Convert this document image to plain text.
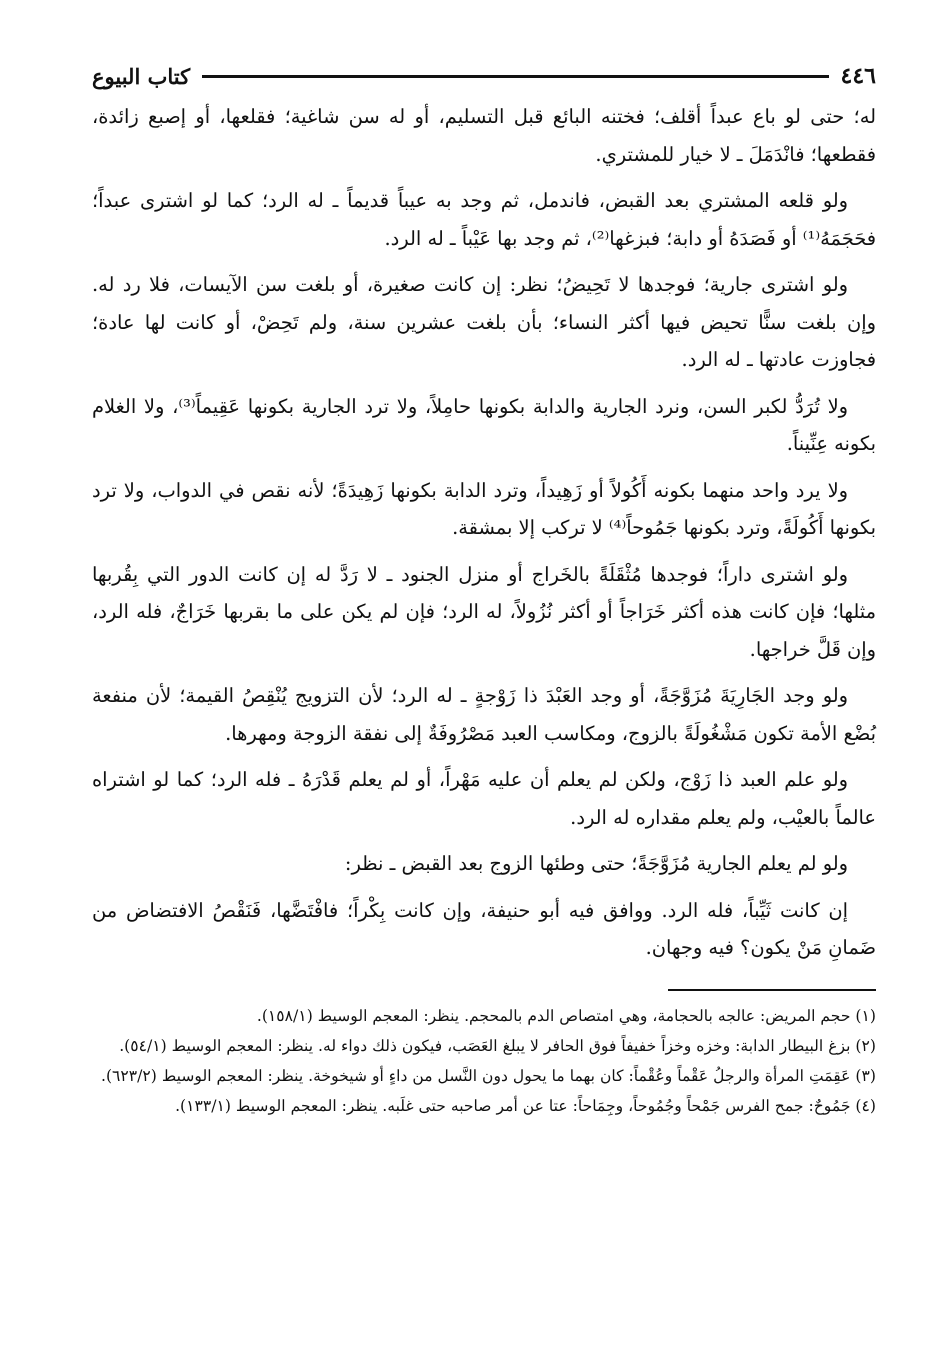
٤٤٦
كتاب البيوع

له؛ حتى لو باع عبداً أقلف؛ فختنه البائع قبل التسليم، أو له سن شاغية؛ فقلعها، أو إصبع زائدة، فقطعها؛ فانْدَمَلَ ـ لا خيار للمشتري.

ولو قلعه المشتري بعد القبض، فاندمل، ثم وجد به عيباً قديماً ـ له الرد؛ كما لو اشترى عبداً؛ فحَجَمَهُ⁽¹⁾ أو فَصَدَهُ أو دابة؛ فبزغها⁽²⁾، ثم وجد بها عَيْباً ـ له الرد.

ولو اشترى جارية؛ فوجدها لا تَحِيضُ؛ نظر: إن كانت صغيرة، أو بلغت سن الآيسات، فلا رد له. وإن بلغت سنًّا تحيض فيها أكثر النساء؛ بأن بلغت عشرين سنة، ولم تَحِضْ، أو كانت لها عادة؛ فجاوزت عادتها ـ له الرد.

ولا تُرَدُّ لكبر السن، ونرد الجارية والدابة بكونها حامِلاً، ولا ترد الجارية بكونها عَقِيماً⁽³⁾، ولا الغلام بكونه عِنِّيناً.

ولا يرد واحد منهما بكونه أَكُولاً أو زَهِيداً، وترد الدابة بكونها زَهِيدَةً؛ لأنه نقص في الدواب، ولا ترد بكونها أَكُولَةً، وترد بكونها جَمُوحاً⁽⁴⁾ لا تركب إلا بمشقة.

ولو اشترى داراً؛ فوجدها مُثْقَلَةً بالخَراج أو منزل الجنود ـ لا رَدَّ له إن كانت الدور التي بِقُربها مثلها؛ فإن كانت هذه أكثر خَرَاجاً أو أكثر نُزُولاً، له الرد؛ فإن لم يكن على ما بقربها خَرَاجٌ، فله الرد، وإن قَلَّ خراجها.

ولو وجد الجَارِيَةَ مُزَوَّجَةً، أو وجد العَبْدَ ذا زَوْجةٍ ـ له الرد؛ لأن التزويج يُنْقِصُ القيمة؛ لأن منفعة بُضْع الأمة تكون مَشْغُولَةً بالزوج، ومكاسب العبد مَصْرُوفَةٌ إلى نفقة الزوجة ومهرها.

ولو علم العبد ذا زَوْج، ولكن لم يعلم أن عليه مَهْراً، أو لم يعلم قَدْرَهُ ـ فله الرد؛ كما لو اشتراه عالماً بالعيْب، ولم يعلم مقداره له الرد.

ولو لم يعلم الجارية مُزَوَّجَةً؛ حتى وطئها الزوج بعد القبض ـ نظر:

إن كانت ثَيِّباً، فله الرد. ووافق فيه أبو حنيفة، وإن كانت بِكْراً؛ فافْتَضَّها، فَنَقْصُ الافتضاض من ضَمانِ مَنْ يكون؟ فيه وجهان.

(١) حجم المريض: عالجه بالحجامة، وهي امتصاص الدم بالمحجم. ينظر: المعجم الوسيط (١٥٨/١).

(٢) بزغ البيطار الدابة: وخزه وخزاً خفيفاً فوق الحافر لا يبلغ العَصَب، فيكون ذلك دواء له. ينظر: المعجم الوسيط (٥٤/١).

(٣) عَقِمَتِ المرأة والرجلُ عَقْماً وعُقْماً: كان بهما ما يحول دون النَّسل من داءٍ أو شيخوخة. ينظر: المعجم الوسيط (٦٢٣/٢).

(٤) جَمُوحٌ: جمح الفرس جَمْحاً وجُمُوحاً، وجِمَاحاً: عتا عن أمر صاحبه حتى غلَبه. ينظر: المعجم الوسيط (١٣٣/١).
